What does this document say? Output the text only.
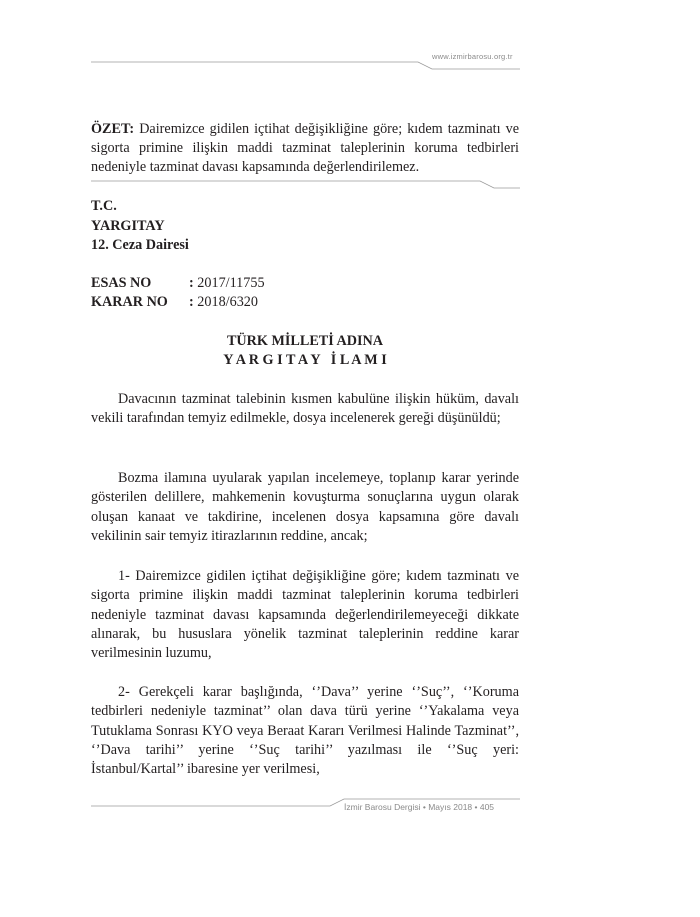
www.izmirbarosu.org.tr
ÖZET: Dairemizce gidilen içtihat değişikliğine göre; kıdem tazminatı ve sigorta primine ilişkin maddi tazminat taleplerinin koruma tedbirleri nedeniyle tazminat davası kapsamında değerlendirilemez.
T.C.
YARGITAY
12. Ceza Dairesi
ESAS NO	: 2017/11755
KARAR NO : 2018/6320
TÜRK MİLLETİ ADINA
Y A R G I T A Y   İ L A M I

Davacının tazminat talebinin kısmen kabulüne ilişkin hüküm, davalı vekili tarafından temyiz edilmekle, dosya incelenerek gereği düşünüldü;

Bozma ilamına uyularak yapılan incelemeye, toplanıp karar yerinde gösterilen delillere, mahkemenin kovuşturma sonuçlarına uygun olarak oluşan kanaat ve takdirine, incelenen dosya kapsamına göre davalı vekilinin sair temyiz itirazlarının reddine, ancak;

1- Dairemizce gidilen içtihat değişikliğine göre; kıdem tazminatı ve sigorta primine ilişkin maddi tazminat taleplerinin koruma tedbirleri nedeniyle tazminat davası kapsamında değerlendirilemeyeceği dikkate alınarak, bu hususlara yönelik tazminat taleplerinin reddine karar verilmesinin luzumu,

2- Gerekçeli karar başlığında, ‘’Dava’’ yerine ‘’Suç’’, ‘’Koruma tedbirleri nedeniyle tazminat’’ olan dava türü yerine ‘’Yakalama veya Tutuklama Sonrası KYO veya Beraat Kararı Verilmesi Halinde Tazminat’’, ‘’Dava tarihi’’ yerine ‘’Suç tarihi’’ yazılması ile ‘’Suç yeri: İstanbul/Kartal’’ ibaresine yer verilmesi,

İzmir Barosu Dergisi • Mayıs 2018 • 405
